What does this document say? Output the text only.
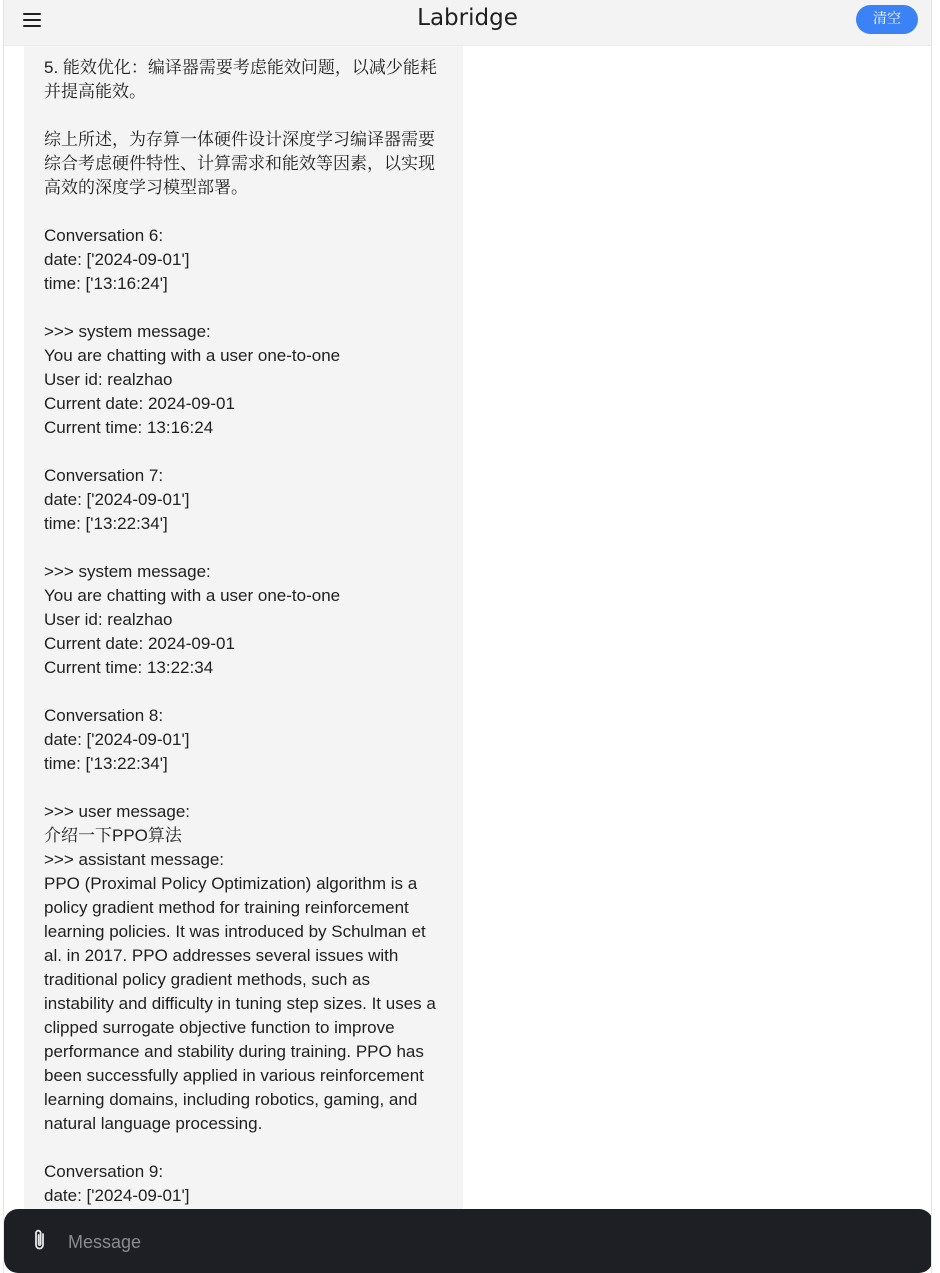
Labridge	清空

5. 能效优化：编译器需要考虑能效问题，以减少能耗并提高能效。

综上所述，为存算一体硬件设计深度学习编译器需要综合考虑硬件特性、计算需求和能效等因素，以实现高效的深度学习模型部署。

Conversation 6:
date: ['2024-09-01']
time: ['13:16:24']

>>> system message:
You are chatting with a user one-to-one
User id: realzhao
Current date: 2024-09-01
Current time: 13:16:24

Conversation 7:
date: ['2024-09-01']
time: ['13:22:34']

>>> system message:
You are chatting with a user one-to-one
User id: realzhao
Current date: 2024-09-01
Current time: 13:22:34

Conversation 8:
date: ['2024-09-01']
time: ['13:22:34']

>>> user message:
介绍一下PPO算法
>>> assistant message:
PPO (Proximal Policy Optimization) algorithm is a policy gradient method for training reinforcement learning policies. It was introduced by Schulman et al. in 2017. PPO addresses several issues with traditional policy gradient methods, such as instability and difficulty in tuning step sizes. It uses a clipped surrogate objective function to improve performance and stability during training. PPO has been successfully applied in various reinforcement learning domains, including robotics, gaming, and natural language processing.

Conversation 9:
date: ['2024-09-01']

Message
